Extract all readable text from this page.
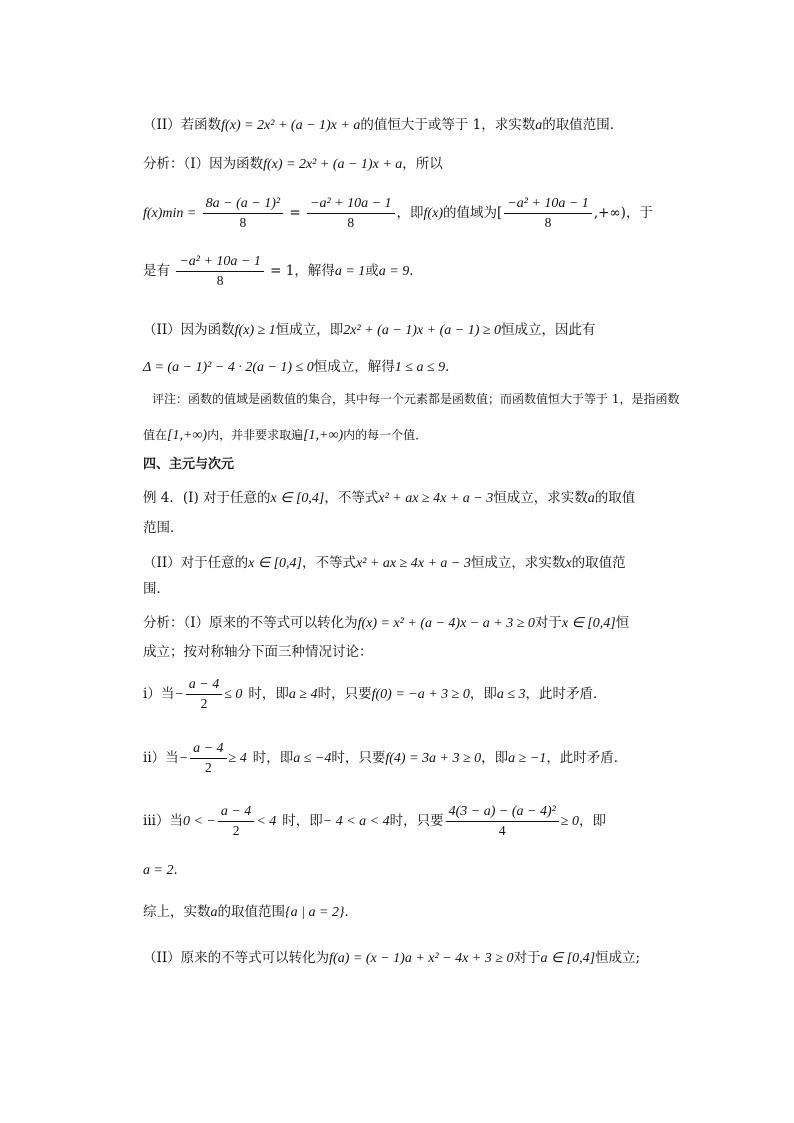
（II）若函数f(x) = 2x² + (a − 1)x + a的值恒大于或等于 1，求实数a的取值范围．
分析：（I）因为函数f(x) = 2x² + (a − 1)x + a，所以
$f(x)\min = \frac{\text{8a − (a − 1)²}}{8} = \frac{\text{−a² + 10a − 1}}{8}$ ，即f(x)的值域为[ $\frac{\text{−a² + 10a − 1}}{8}$ ,+∞)，于
是有 $\frac{\text{−a² + 10a − 1}}{8} = 1$，解得a = 1或a = 9．
（II）因为函数f(x) ≥ 1恒成立，即2x² + (a − 1)x + (a − 1) ≥ 0恒成立，因此有
Δ = (a − 1)² − 4 · 2(a − 1) ≤ 0恒成立，解得1 ≤ a ≤ 9．
评注：函数的值域是函数值的集合，其中每一个元素都是函数值；而函数值恒大于等于 1，是指函数
值在[1,+∞)内，并非要求取遍[1,+∞)内的每一个值．
四、主元与次元
例 4．(I) 对于任意的x ∈ [0,4]，不等式x² + ax ≥ 4x + a − 3恒成立，求实数a的取值
范围．
（II）对于任意的x ∈ [0,4]，不等式x² + ax ≥ 4x + a − 3恒成立，求实数x的取值范
围．
分析：（I）原来的不等式可以转化为f(x) = x² + (a − 4)x − a + 3 ≥ 0对于x ∈ [0,4]恒
成立；按对称轴分下面三种情况讨论：
i）当− $\frac{a - 4}{2} \le 0$ 时，即a ≥ 4时，只要f(0) = −a + 3 ≥ 0，即a ≤ 3，此时矛盾．
ii）当− $\frac{a - 4}{2} \ge 4$ 时，即a ≤ −4时，只要f(4) = 3a + 3 ≥ 0，即a ≥ −1，此时矛盾．
iii）当0 < − $\frac{a - 4}{2} < 4$ 时，即− 4 < a < 4时，只要 $\frac{\text{4(3 − a) − (a − 4)²}}{4} \ge 0$，即
a = 2．
综上，实数a的取值范围{a | a = 2}．
（II）原来的不等式可以转化为f(a) = (x − 1)a + x² − 4x + 3 ≥ 0对于a ∈ [0,4]恒成立;
